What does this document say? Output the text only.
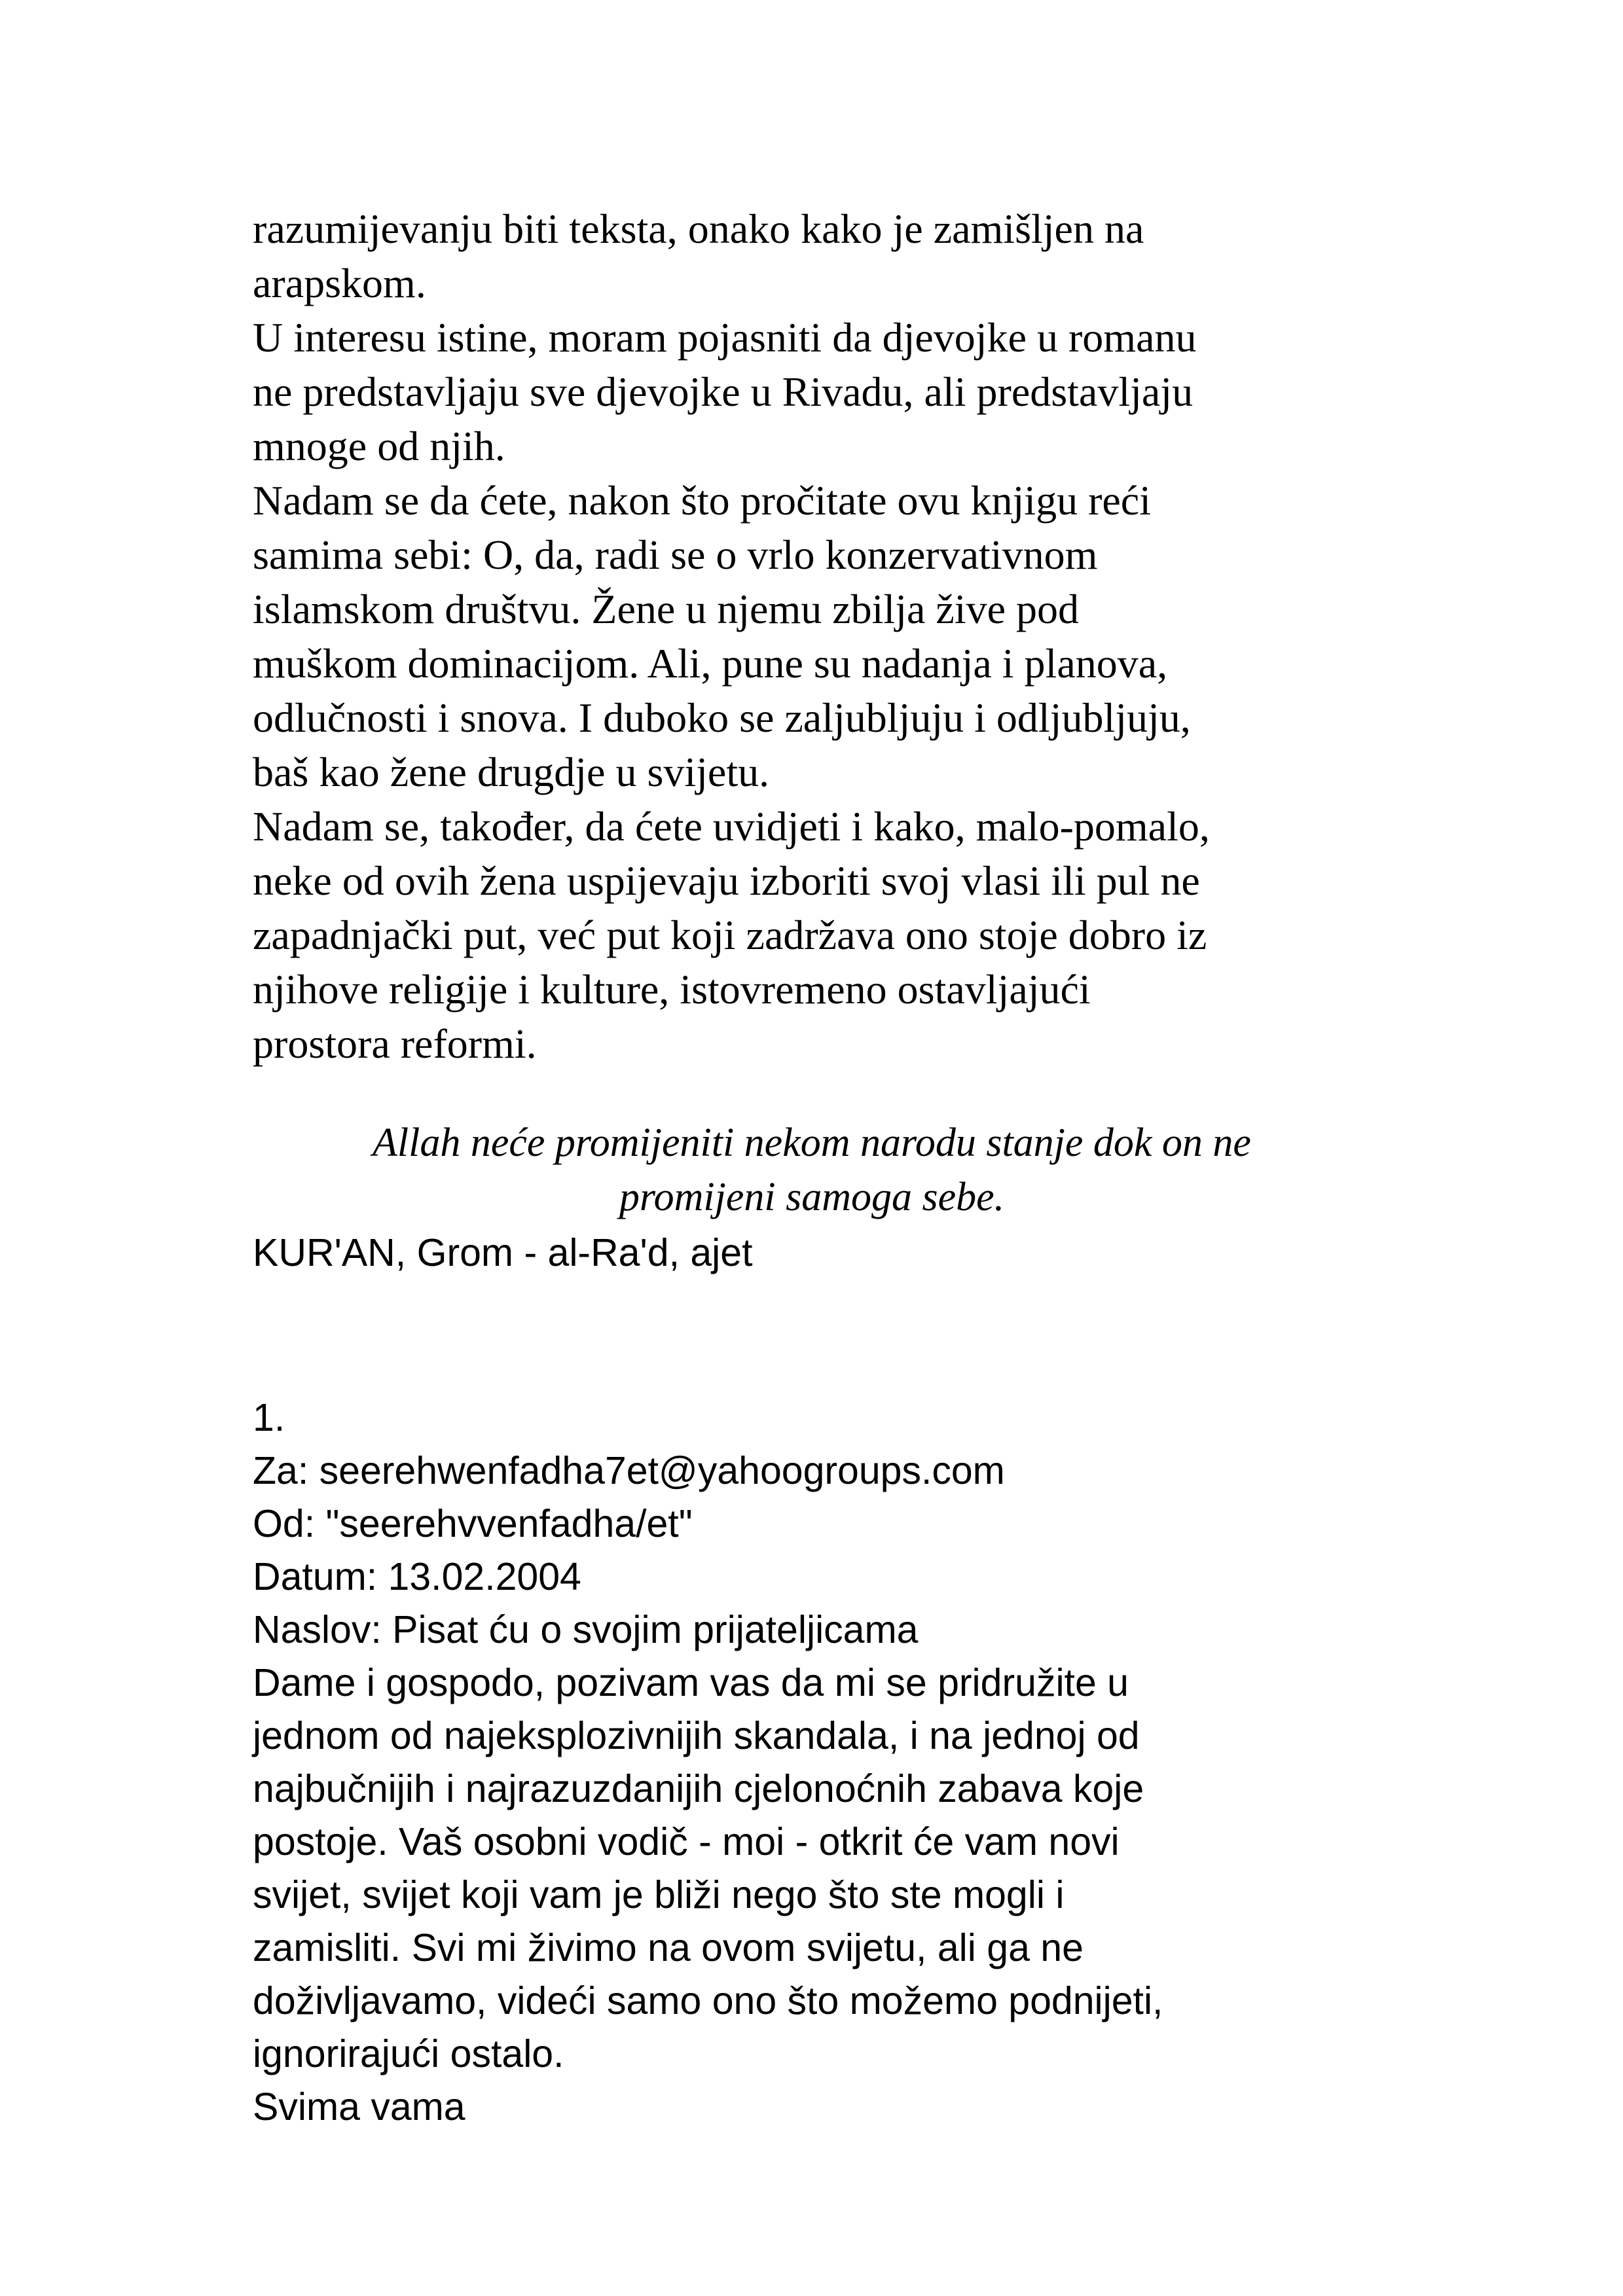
razumijevanju biti teksta, onako kako je zamišljen na

arapskom.

U interesu istine, moram pojasniti da djevojke u romanu

ne predstavljaju sve djevojke u Rivadu, ali predstavljaju

mnoge od njih.

Nadam se da ćete, nakon što pročitate ovu knjigu reći

samima sebi: O, da, radi se o vrlo konzervativnom

islamskom društvu. Žene u njemu zbilja žive pod

muškom dominacijom. Ali, pune su nadanja i planova,

odlučnosti i snova. I duboko se zaljubljuju i odljubljuju,

baš kao žene drugdje u svijetu.

Nadam se, također, da ćete uvidjeti i kako, malo-pomalo,

neke od ovih žena uspijevaju izboriti svoj vlasi ili pul ne

zapadnjački put, već put koji zadržava ono stoje dobro iz

njihove religije i kulture, istovremeno ostavljajući

prostora reformi.

Allah neće promijeniti nekom narodu stanje dok on ne

promijeni samoga sebe.

KUR'AN, Grom - al-Ra'd, ajet

1.

Za: seerehwenfadha7et@yahoogroups.com

Od: "seerehvvenfadha/et"

Datum: 13.02.2004

Naslov: Pisat ću o svojim prijateljicama

Dame i gospodo, pozivam vas da mi se pridružite u

jednom od najeksplozivnijih skandala, i na jednoj od

najbučnijih i najrazuzdanijih cjelonoćnih zabava koje

postoje. Vaš osobni vodič - moi - otkrit će vam novi

svijet, svijet koji vam je bliži nego što ste mogli i

zamisliti. Svi mi živimo na ovom svijetu, ali ga ne

doživljavamo, videći samo ono što možemo podnijeti,

ignorirajući ostalo.

Svima vama
